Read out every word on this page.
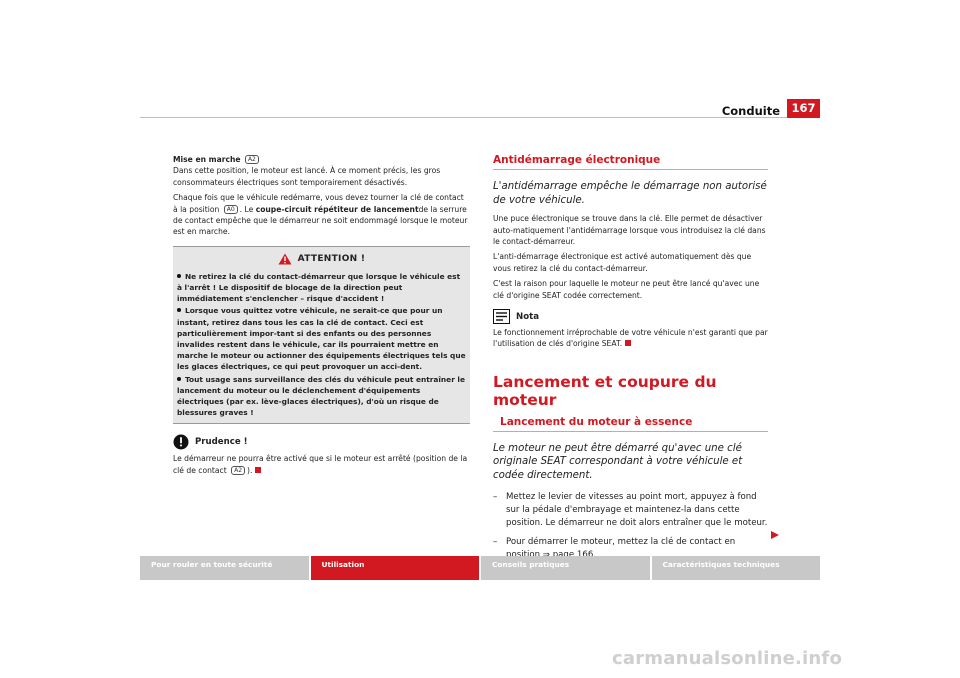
Conduite 167
Mise en marche A2
Dans cette position, le moteur est lancé. À ce moment précis, les gros consommateurs électriques sont temporairement désactivés.
Chaque fois que le véhicule redémarre, vous devez tourner la clé de contact à la position A0 . Le coupe-circuit répétiteur de lancementde la serrure de contact empêche que le démarreur ne soit endommagé lorsque le moteur est en marche.
ATTENTION !
Ne retirez la clé du contact-démarreur que lorsque le véhicule est à l'arrêt ! Le dispositif de blocage de la direction peut immédiatement s'enclencher – risque d'accident !
Lorsque vous quittez votre véhicule, ne serait-ce que pour un instant, retirez dans tous les cas la clé de contact. Ceci est particulièrement impor-tant si des enfants ou des personnes invalides restent dans le véhicule, car ils pourraient mettre en marche le moteur ou actionner des équipements électriques tels que les glaces électriques, ce qui peut provoquer un acci-dent.
Tout usage sans surveillance des clés du véhicule peut entraîner le lancement du moteur ou le déclenchement d'équipements électriques (par ex. lève-glaces électriques), d'où un risque de blessures graves !
Prudence !
Le démarreur ne pourra être activé que si le moteur est arrêté (position de la clé de contact A2 ).
Antidémarrage électronique
L'antidémarrage empêche le démarrage non autorisé de votre véhicule.
Une puce électronique se trouve dans la clé. Elle permet de désactiver auto-matiquement l'antidémarrage lorsque vous introduisez la clé dans le contact-démarreur.
L'anti-démarrage électronique est activé automatiquement dès que vous retirez la clé du contact-démarreur.
C'est la raison pour laquelle le moteur ne peut être lancé qu'avec une clé d'origine SEAT codée correctement.
Nota
Le fonctionnement irréprochable de votre véhicule n'est garanti que par l'utilisation de clés d'origine SEAT.
Lancement et coupure du moteur
Lancement du moteur à essence
Le moteur ne peut être démarré qu'avec une clé originale SEAT correspondant à votre véhicule et codée directement.
–	Mettez le levier de vitesses au point mort, appuyez à fond sur la pédale d'embrayage et maintenez-la dans cette position. Le démarreur ne doit alors entraîner que le moteur.
–	Pour démarrer le moteur, mettez la clé de contact en
Pour rouler en toute sécurité	Utilisation	Conseils pratiques	Caractéristiques techniques
carmanualsonline.info
